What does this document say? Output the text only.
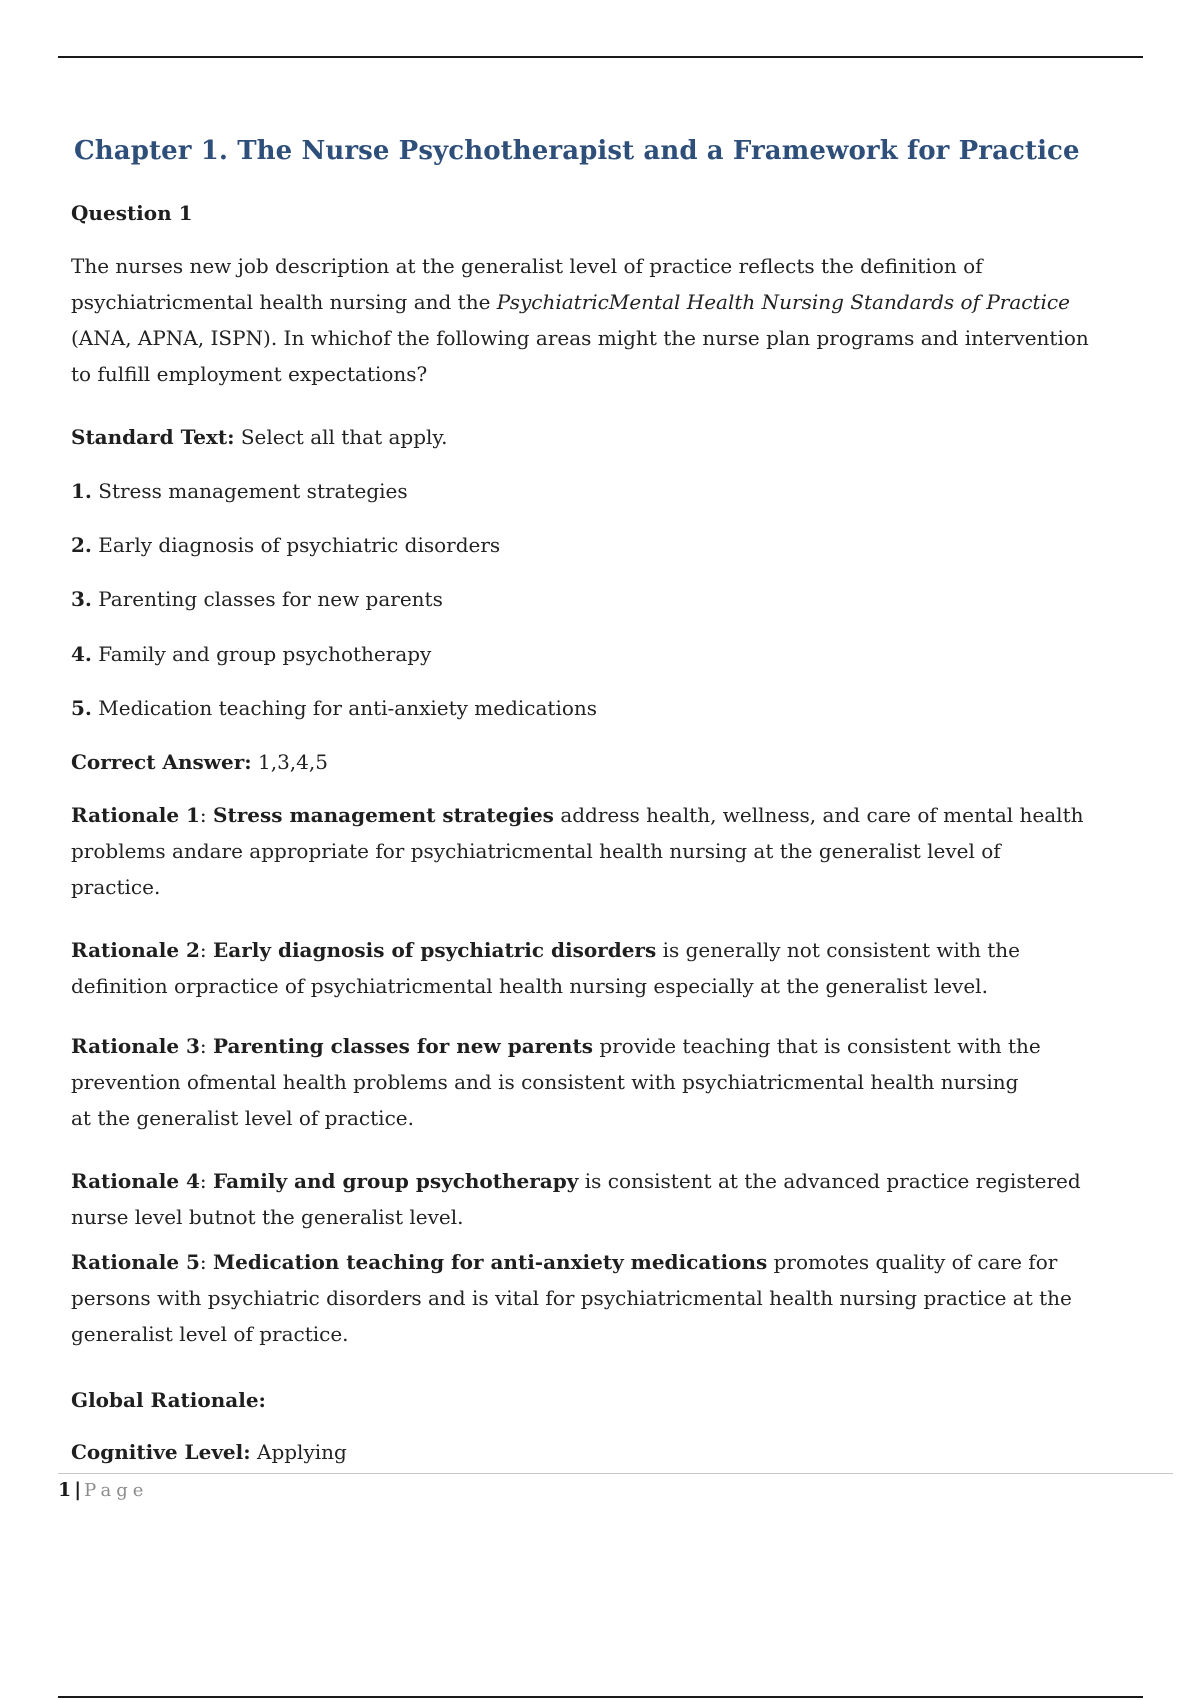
Chapter 1. The Nurse Psychotherapist and a Framework for Practice

Question 1

The nurses new job description at the generalist level of practice reflects the definition of
psychiatricmental health nursing and the PsychiatricMental Health Nursing Standards of Practice
(ANA, APNA, ISPN). In whichof the following areas might the nurse plan programs and intervention
to fulfill employment expectations?

Standard Text: Select all that apply.

1. Stress management strategies

2. Early diagnosis of psychiatric disorders

3. Parenting classes for new parents

4. Family and group psychotherapy

5. Medication teaching for anti-anxiety medications

Correct Answer: 1,3,4,5

Rationale 1: Stress management strategies address health, wellness, and care of mental health
problems andare appropriate for psychiatricmental health nursing at the generalist level of
practice.
Rationale 2: Early diagnosis of psychiatric disorders is generally not consistent with the
definition orpractice of psychiatricmental health nursing especially at the generalist level.
Rationale 3: Parenting classes for new parents provide teaching that is consistent with the
prevention ofmental health problems and is consistent with psychiatricmental health nursing
at the generalist level of practice.
Rationale 4: Family and group psychotherapy is consistent at the advanced practice registered
nurse level butnot the generalist level.
Rationale 5: Medication teaching for anti-anxiety medications promotes quality of care for
persons with psychiatric disorders and is vital for psychiatricmental health nursing practice at the
generalist level of practice.

Global Rationale:

Cognitive Level: Applying

1 | Page
